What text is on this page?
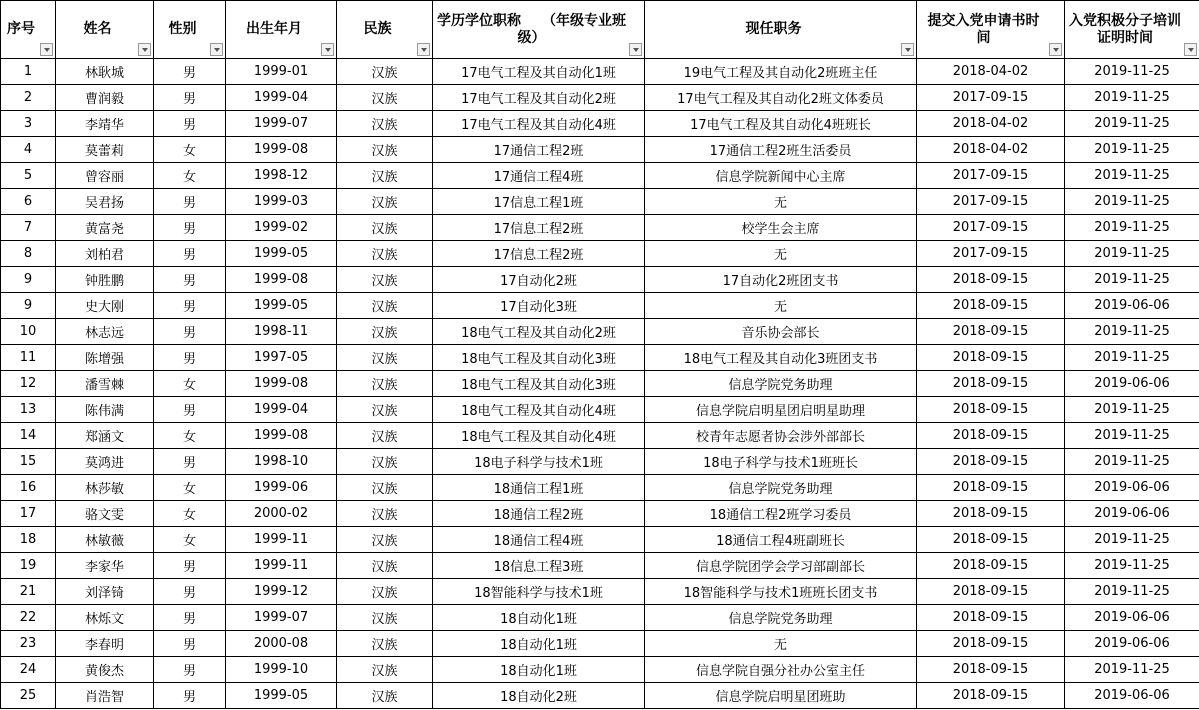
序号	姓名	性别	出生年月	民族	学历学位职称　　（年级专业班级）	现任职务	提交入党申请书时间	入党积极分子培训证明时间

1	林耿城	男	1999-01	汉族	17电气工程及其自动化1班	19电气工程及其自动化2班班主任	2018-04-02	2019-11-25
2	曹润毅	男	1999-04	汉族	17电气工程及其自动化2班	17电气工程及其自动化2班文体委员	2017-09-15	2019-11-25
3	李靖华	男	1999-07	汉族	17电气工程及其自动化4班	17电气工程及其自动化4班班长	2018-04-02	2019-11-25
4	莫蕾莉	女	1999-08	汉族	17通信工程2班	17通信工程2班生活委员	2018-04-02	2019-11-25
5	曾容丽	女	1998-12	汉族	17通信工程4班	信息学院新闻中心主席	2017-09-15	2019-11-25
6	吴君扬	男	1999-03	汉族	17信息工程1班	无	2017-09-15	2019-11-25
7	黄富尧	男	1999-02	汉族	17信息工程2班	校学生会主席	2017-09-15	2019-11-25
8	刘柏君	男	1999-05	汉族	17信息工程2班	无	2017-09-15	2019-11-25
9	钟胜鹏	男	1999-08	汉族	17自动化2班	17自动化2班团支书	2018-09-15	2019-11-25
9	史大刚	男	1999-05	汉族	17自动化3班	无	2018-09-15	2019-06-06
10	林志远	男	1998-11	汉族	18电气工程及其自动化2班	音乐协会部长	2018-09-15	2019-11-25
11	陈增强	男	1997-05	汉族	18电气工程及其自动化3班	18电气工程及其自动化3班团支书	2018-09-15	2019-11-25
12	潘雪棘	女	1999-08	汉族	18电气工程及其自动化3班	信息学院党务助理	2018-09-15	2019-06-06
13	陈伟满	男	1999-04	汉族	18电气工程及其自动化4班	信息学院启明星团启明星助理	2018-09-15	2019-11-25
14	郑涵文	女	1999-08	汉族	18电气工程及其自动化4班	校青年志愿者协会涉外部部长	2018-09-15	2019-11-25
15	莫鸿进	男	1998-10	汉族	18电子科学与技术1班	18电子科学与技术1班班长	2018-09-15	2019-11-25
16	林莎敏	女	1999-06	汉族	18通信工程1班	信息学院党务助理	2018-09-15	2019-06-06
17	骆文雯	女	2000-02	汉族	18通信工程2班	18通信工程2班学习委员	2018-09-15	2019-06-06
18	林敏薇	女	1999-11	汉族	18通信工程4班	18通信工程4班副班长	2018-09-15	2019-11-25
19	李家华	男	1999-11	汉族	18信息工程3班	信息学院团学会学习部副部长	2018-09-15	2019-11-25
21	刘泽锜	男	1999-12	汉族	18智能科学与技术1班	18智能科学与技术1班班长团支书	2018-09-15	2019-11-25
22	林烁文	男	1999-07	汉族	18自动化1班	信息学院党务助理	2018-09-15	2019-06-06
23	李春明	男	2000-08	汉族	18自动化1班	无	2018-09-15	2019-06-06
24	黄俊杰	男	1999-10	汉族	18自动化1班	信息学院自强分社办公室主任	2018-09-15	2019-11-25
25	肖浩智	男	1999-05	汉族	18自动化2班	信息学院启明星团班助	2018-09-15	2019-06-06
